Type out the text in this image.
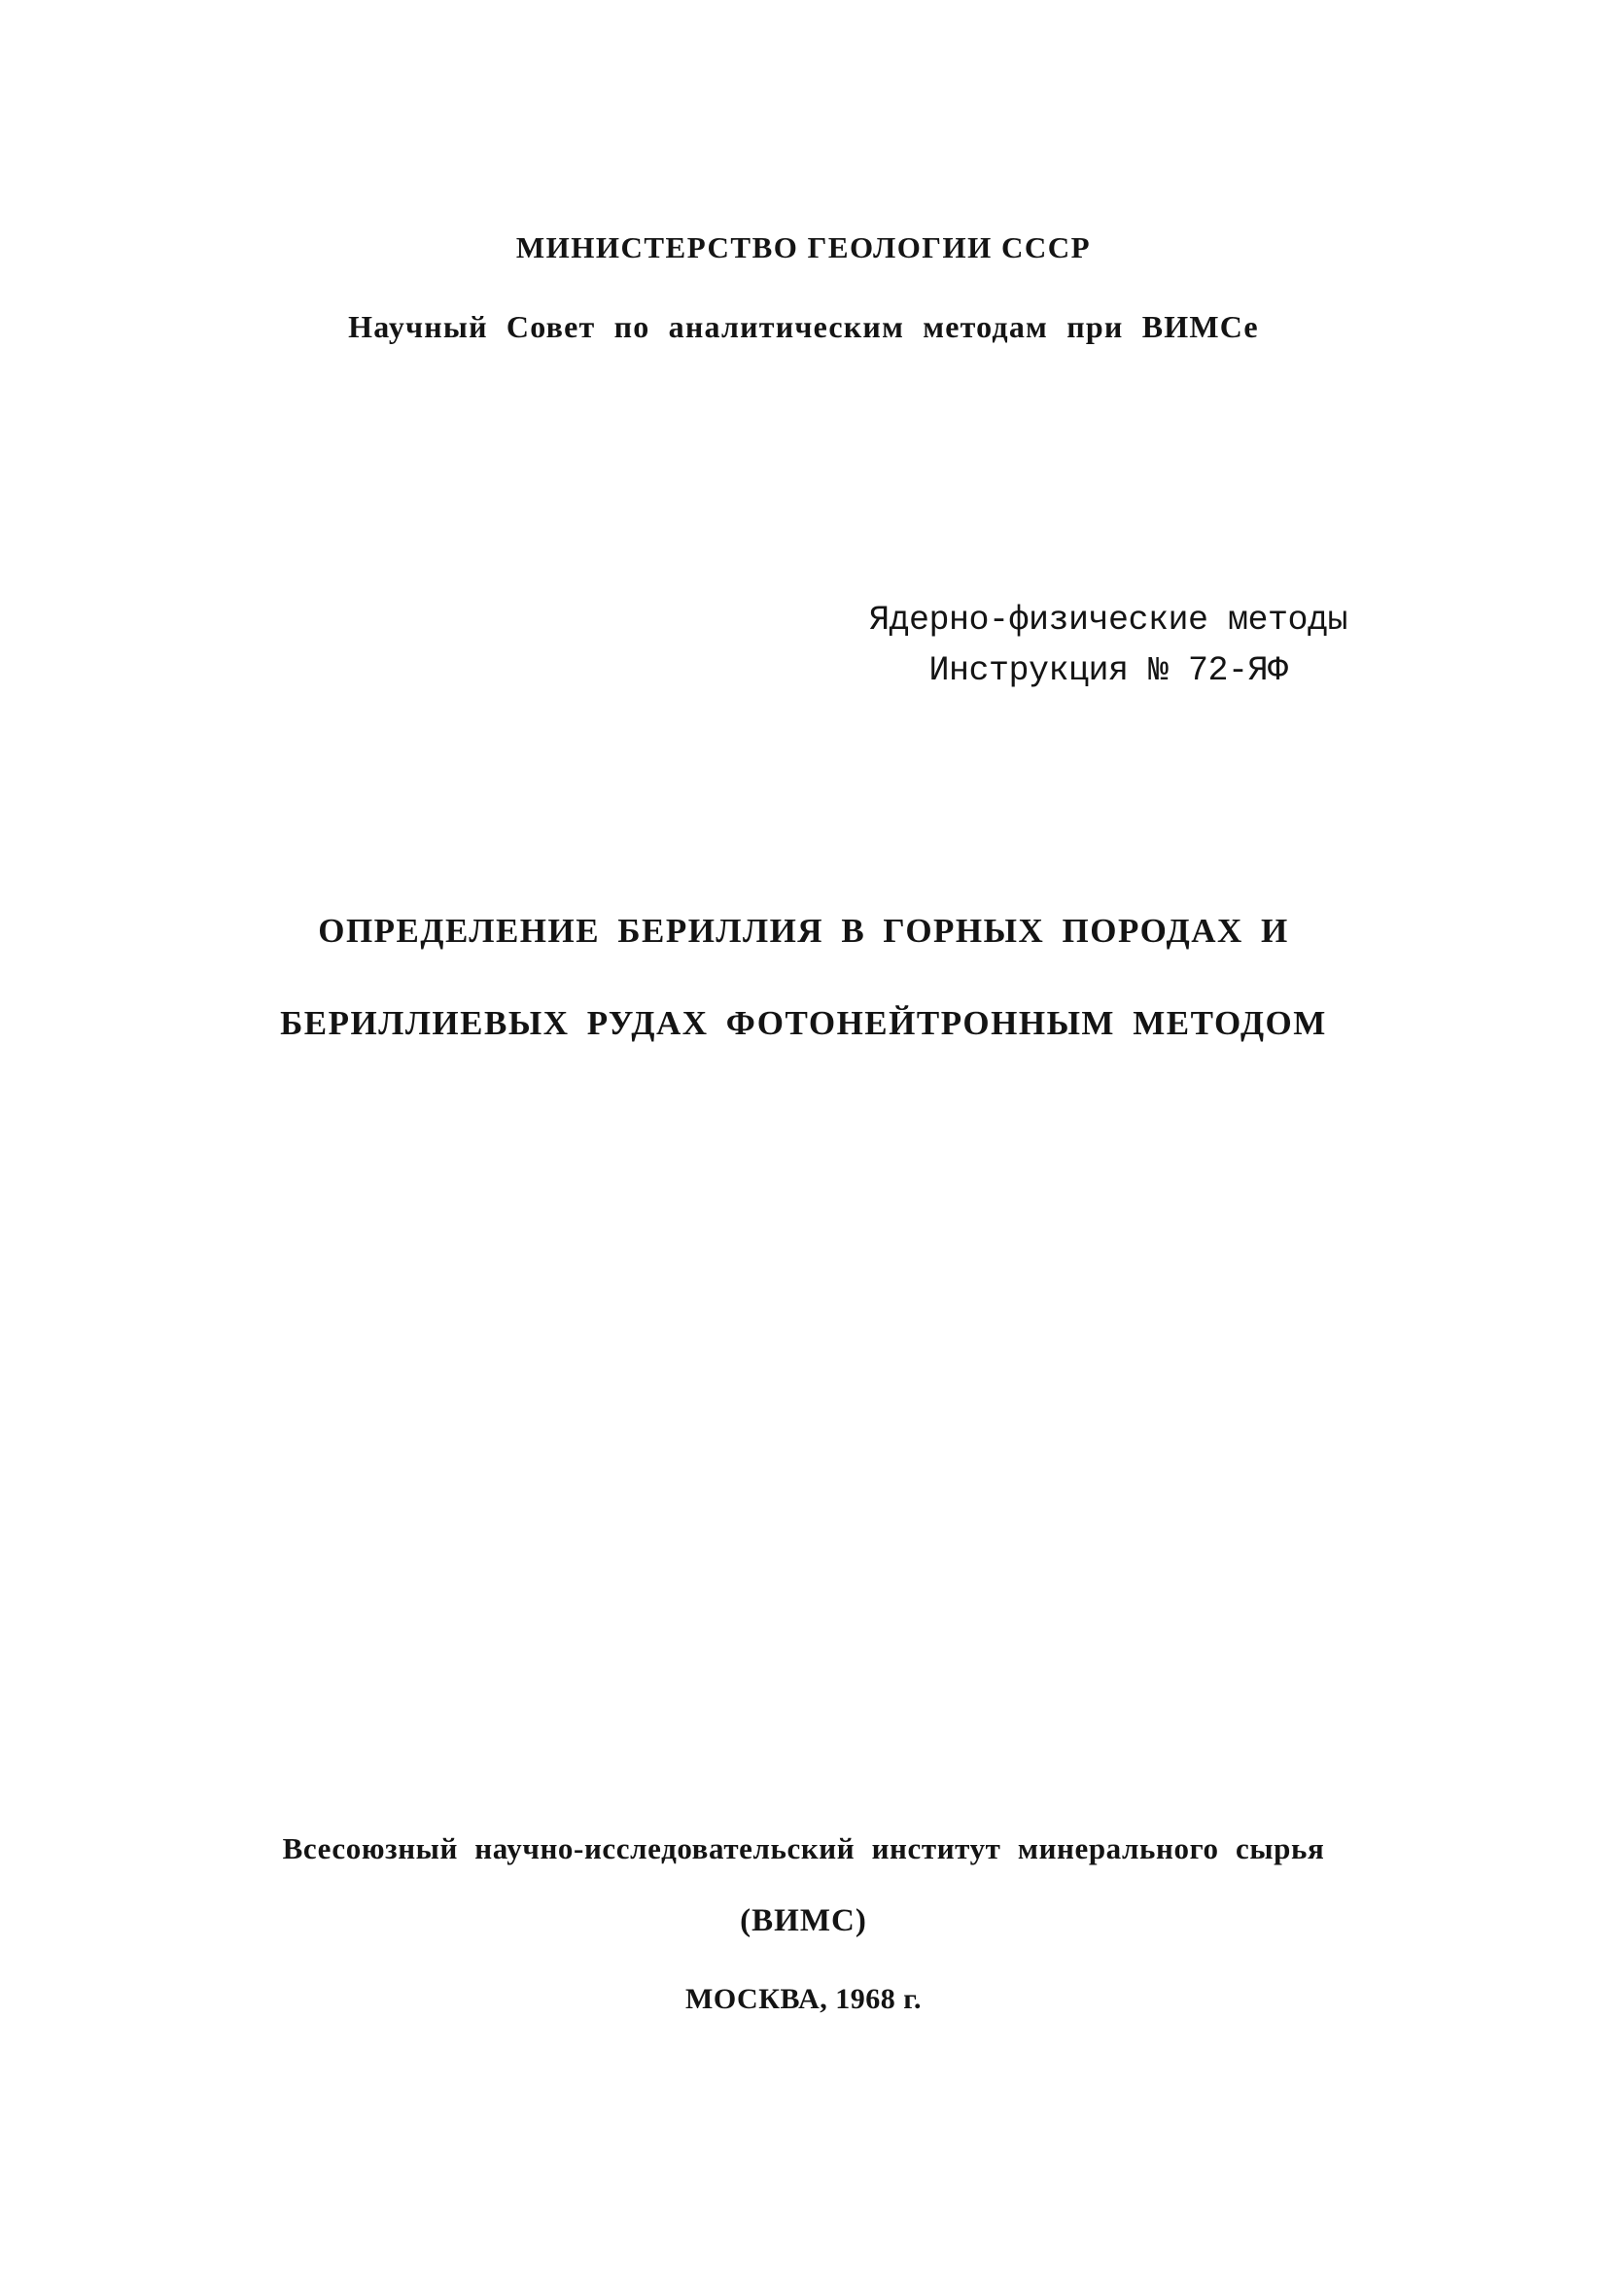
МИНИСТЕРСТВО ГЕОЛОГИИ СССР

Научный Совет по аналитическим методам при ВИМСе

Ядерно-физические методы
Инструкция № 72-ЯФ

ОПРЕДЕЛЕНИЕ БЕРИЛЛИЯ В ГОРНЫХ ПОРОДАХ И

БЕРИЛЛИЕВЫХ РУДАХ ФОТОНЕЙТРОННЫМ МЕТОДОМ

Всесоюзный научно-исследовательский институт минерального сырья

(ВИМС)

МОСКВА, 1968 г.
